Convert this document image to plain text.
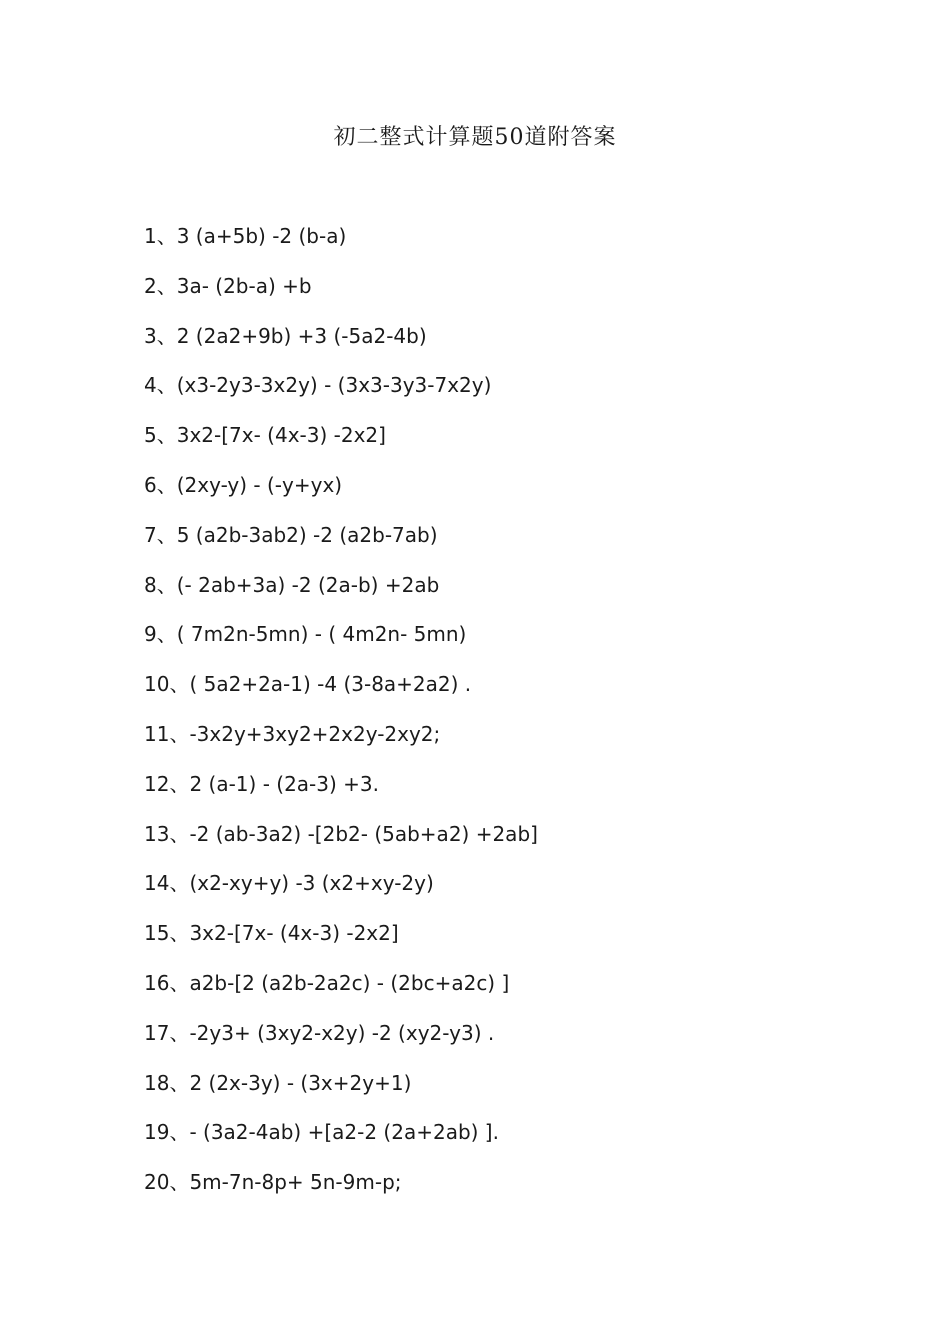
初二整式计算题50道附答案
1、3 (a+5b) -2 (b-a)
2、3a- (2b-a) +b
3、2 (2a2+9b) +3 (-5a2-4b)
4、(x3-2y3-3x2y) - (3x3-3y3-7x2y)
5、3x2-[7x- (4x-3) -2x2]
6、(2xy-y) - (-y+yx)
7、5 (a2b-3ab2) -2 (a2b-7ab)
8、(- 2ab+3a) -2 (2a-b) +2ab
9、( 7m2n-5mn) - ( 4m2n- 5mn)
10、( 5a2+2a-1) -4 (3-8a+2a2) .
11、-3x2y+3xy2+2x2y-2xy2;
12、2 (a-1) - (2a-3) +3.
13、-2 (ab-3a2) -[2b2- (5ab+a2) +2ab]
14、(x2-xy+y) -3 (x2+xy-2y)
15、3x2-[7x- (4x-3) -2x2]
16、a2b-[2 (a2b-2a2c) - (2bc+a2c) ]
17、-2y3+ (3xy2-x2y) -2 (xy2-y3) .
18、2 (2x-3y) - (3x+2y+1)
19、- (3a2-4ab) +[a2-2 (2a+2ab) ].
20、5m-7n-8p+ 5n-9m-p;
